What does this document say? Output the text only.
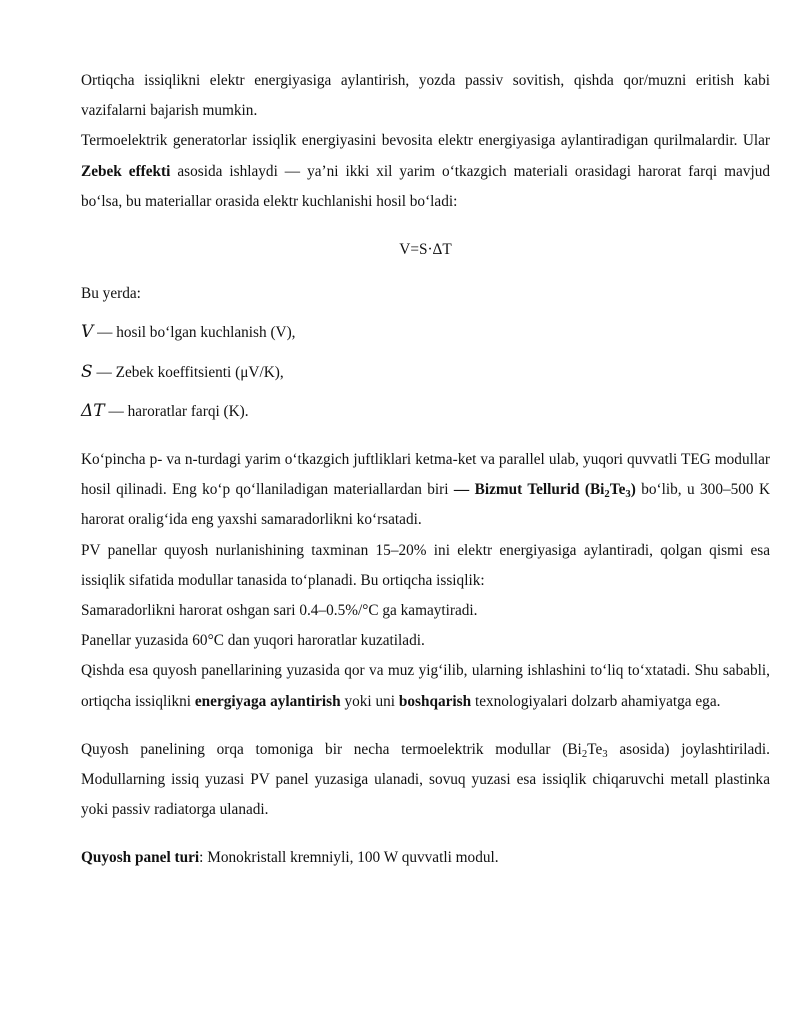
Ortiqcha issiqlikni elektr energiyasiga aylantirish, yozda passiv sovitish, qishda qor/muzni eritish kabi vazifalarni bajarish mumkin.

Termoelektrik generatorlar issiqlik energiyasini bevosita elektr energiyasiga aylantiradigan qurilmalardir. Ular Zebek effekti asosida ishlaydi — ya’ni ikki xil yarim o‘tkazgich materiali orasidagi harorat farqi mavjud bo‘lsa, bu materiallar orasida elektr kuchlanishi hosil bo‘ladi:

V=S·ΔT

Bu yerda:

V — hosil bo‘lgan kuchlanish (V),

S — Zebek koeffitsienti (μV/K),

ΔT — haroratlar farqi (K).

Ko‘pincha p- va n-turdagi yarim o‘tkazgich juftliklari ketma-ket va parallel ulab, yuqori quvvatli TEG modullar hosil qilinadi. Eng ko‘p qo‘llaniladigan materiallardan biri — Bizmut Tellurid $(Bi_2Te_3)$ bo‘lib, u 300–500 K harorat oralig‘ida eng yaxshi samaradorlikni ko‘rsatadi.

PV panellar quyosh nurlanishining taxminan 15–20% ini elektr energiyasiga aylantiradi, qolgan qismi esa issiqlik sifatida modullar tanasida to‘planadi. Bu ortiqcha issiqlik:

Samaradorlikni harorat oshgan sari 0.4–0.5%/°C ga kamaytiradi.

Panellar yuzasida 60°C dan yuqori haroratlar kuzatiladi.

Qishda esa quyosh panellarining yuzasida qor va muz yig‘ilib, ularning ishlashini to‘liq to‘xtatadi. Shu sababli, ortiqcha issiqlikni energiyaga aylantirish yoki uni boshqarish texnologiyalari dolzarb ahamiyatga ega.

Quyosh panelining orqa tomoniga bir necha termoelektrik modullar ($Bi_2Te_3$ asosida) joylashtiriladi. Modullarning issiq yuzasi PV panel yuzasiga ulanadi, sovuq yuzasi esa issiqlik chiqaruvchi metall plastinka yoki passiv radiatorga ulanadi.

Quyosh panel turi: Monokristall kremniyli, 100 W quvvatli modul.
